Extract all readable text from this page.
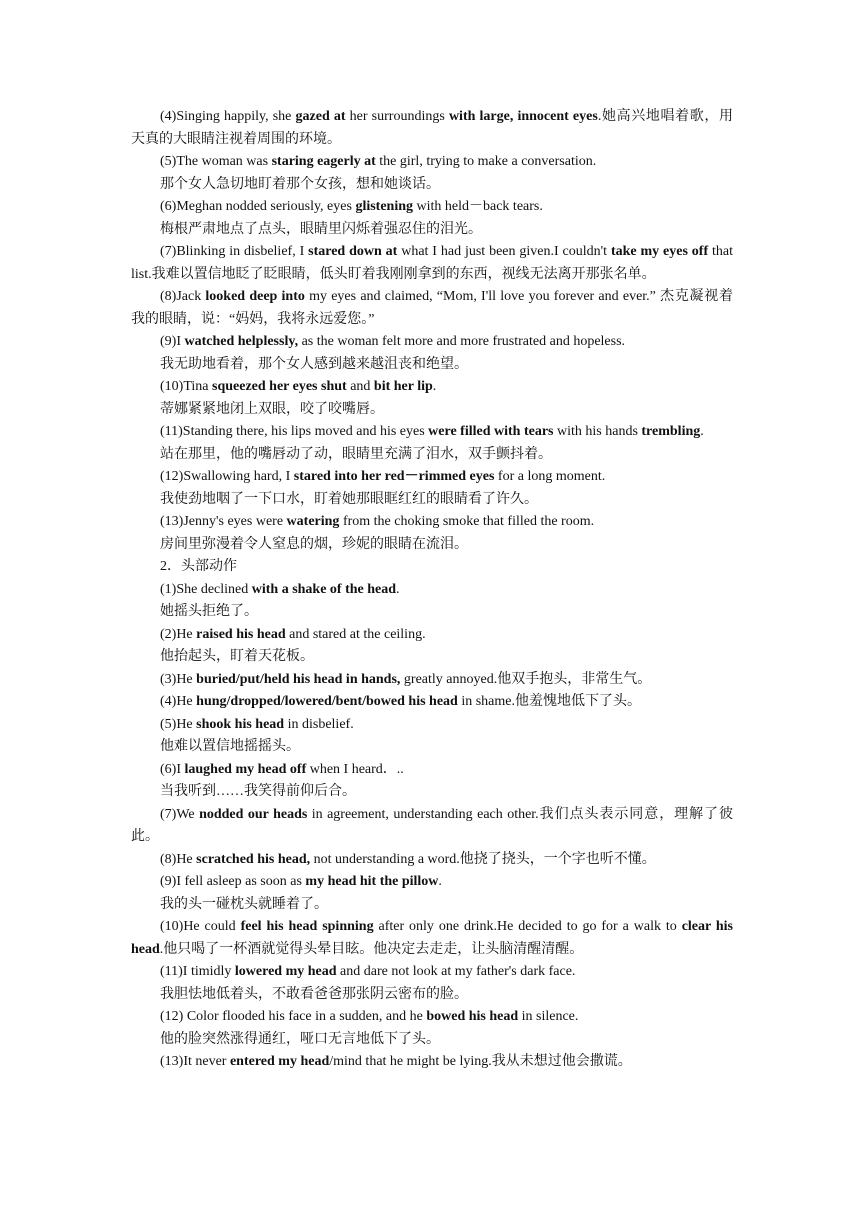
(4)Singing happily, she gazed at her surroundings with large, innocent eyes.她高兴地唱着歌，用天真的大眼睛注视着周围的环境。

(5)The woman was staring eagerly at the girl, trying to make a conversation.

那个女人急切地盯着那个女孩，想和她谈话。

(6)Meghan nodded seriously, eyes glistening with held－back tears.

梅根严肃地点了点头，眼睛里闪烁着强忍住的泪光。

(7)Blinking in disbelief, I stared down at what I had just been given.I couldn't take my eyes off that list.我难以置信地眨了眨眼睛，低头盯着我刚刚拿到的东西，视线无法离开那张名单。

(8)Jack looked deep into my eyes and claimed, “Mom, I'll love you forever and ever.” 杰克凝视着我的眼睛，说：“妈妈，我将永远爱您。”

(9)I watched helplessly, as the woman felt more and more frustrated and hopeless.

我无助地看着，那个女人感到越来越沮丧和绝望。

(10)Tina squeezed her eyes shut and bit her lip.

蒂娜紧紧地闭上双眼，咬了咬嘴唇。

(11)Standing there, his lips moved and his eyes were filled with tears with his hands trembling.

站在那里，他的嘴唇动了动，眼睛里充满了泪水，双手颤抖着。

(12)Swallowing hard, I stared into her red－rimmed eyes for a long moment.

我使劲地咽了一下口水，盯着她那眼眶红红的眼睛看了许久。

(13)Jenny's eyes were watering from the choking smoke that filled the room.

房间里弥漫着令人窒息的烟，珍妮的眼睛在流泪。

2．头部动作

(1)She declined with a shake of the head.

她摇头拒绝了。

(2)He raised his head and stared at the ceiling.

他抬起头，盯着天花板。

(3)He buried/put/held his head in hands, greatly annoyed.他双手抱头，非常生气。

(4)He hung/dropped/lowered/bent/bowed his head in shame.他羞愧地低下了头。

(5)He shook his head in disbelief.

他难以置信地摇摇头。

(6)I laughed my head off when I heard．..

当我听到……我笑得前仰后合。

(7)We nodded our heads in agreement, understanding each other.我们点头表示同意，理解了彼此。

(8)He scratched his head, not understanding a word.他挠了挠头，一个字也听不懂。

(9)I fell asleep as soon as my head hit the pillow.

我的头一碰枕头就睡着了。

(10)He could feel his head spinning after only one drink.He decided to go for a walk to clear his head.他只喝了一杯酒就觉得头晕目眩。他决定去走走，让头脑清醒清醒。

(11)I timidly lowered my head and dare not look at my father's dark face.

我胆怯地低着头，不敢看爸爸那张阴云密布的脸。

(12) Color flooded his face in a sudden, and he bowed his head in silence.

他的脸突然涨得通红，哑口无言地低下了头。

(13)It never entered my head/mind that he might be lying.我从未想过他会撒谎。
